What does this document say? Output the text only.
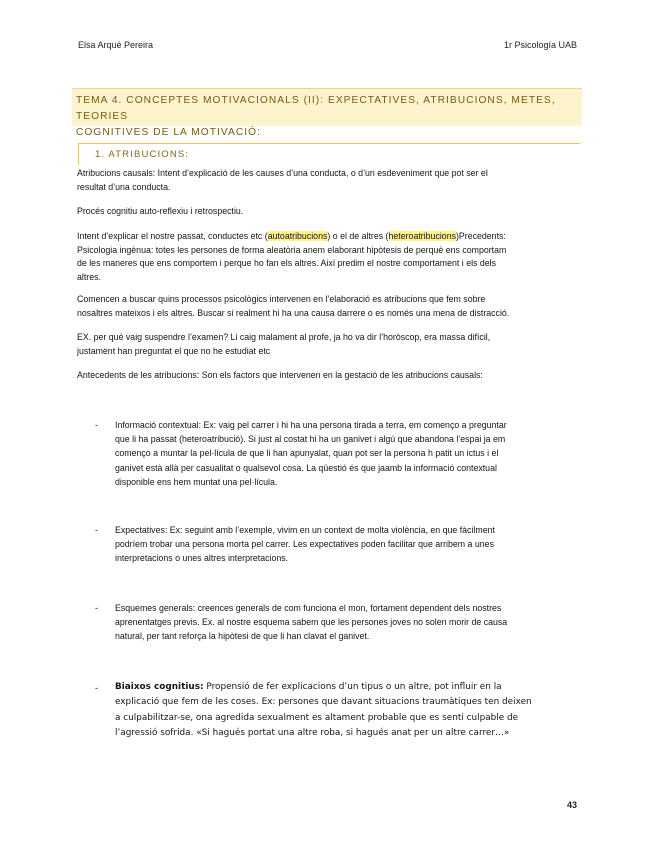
Elsa Arqué Pereira	1r Psicología UAB
TEMA 4. CONCEPTES MOTIVACIONALS (II): EXPECTATIVES, ATRIBUCIONS, METES, TEORIES
COGNITIVES DE LA MOTIVACIÓ:
1. ATRIBUCIONS:
Atribucions causals: Intent d’explicació de les causes d’una conducta, o d’un esdeveniment que pot ser el
resultat d’una conducta.
Procés cognitiu auto-reflexiu i retrospectiu.
Intent d’explicar el nostre passat, conductes etc (autoatribucions) o el de altres (heteroatribucions)Precedents:
Psicologia ingènua: totes les persones de forma aleatòria anem elaborant hipòtesis de perquè ens comportam
de les maneres que ens comportem i perque ho fan els altres. Així predim el nostre comportament i els dels
altres.
Comencen a buscar quins processos psicològics intervenen en l’elaboració es atribucions que fem sobre
nosaltres mateixos i els altres. Buscar si realment hi ha una causa darrere o es només una mena de distracció.
EX. per què vaig suspendre l’examen? Li caig malament al profe, ja ho va dir l’horòscop, era massa difícil,
justament han preguntat el que no he estudiat etc
Antecedents de les atribucions: Son els factors que intervenen en la gestació de les atribucions causals:
- Informació contextual: Ex: vaig pel carrer i hi ha una persona tirada a terra, em començo a preguntar
que li ha passat (heteroatribució). Si just al costat hi ha un ganivet i algú que abandona l’espai ja em
començo a muntar la pel·lícula de que li han apunyalat, quan pot ser la persona h patit un ictus i el
ganivet està allà per casualitat o qualsevol cosa. La qüestió és que jaamb la informació contextual
disponible ens hem muntat una pel·lícula.
- Expectatives: Ex: seguint amb l’exemple, vivim en un context de molta violència, en que fàcilment
podríem trobar una persona morta pel carrer. Les expectatives poden facilitar que arribem a unes
interpretacions o unes altres interpretacions.
- Esquemes generals: creences generals de com funciona el mon, fortament dependent dels nostres
aprenentatges previs. Ex. al nostre esquema sabem que les persones joves no solen morir de causa
natural, per tant reforça la hipòtesi de que li han clavat el ganivet.
- Biaixos cognitius: Propensió de fer explicacions d’un tipus o un altre, pot influir en la
explicació que fem de les coses. Ex: persones que davant situacions traumàtiques ten deixen
a culpabilitzar-se, ona agredida sexualment es altament probable que es senti culpable de
l’agressió sofrida. «Si hagués portat una altre roba, si hagués anat per un altre carrer…»
43
